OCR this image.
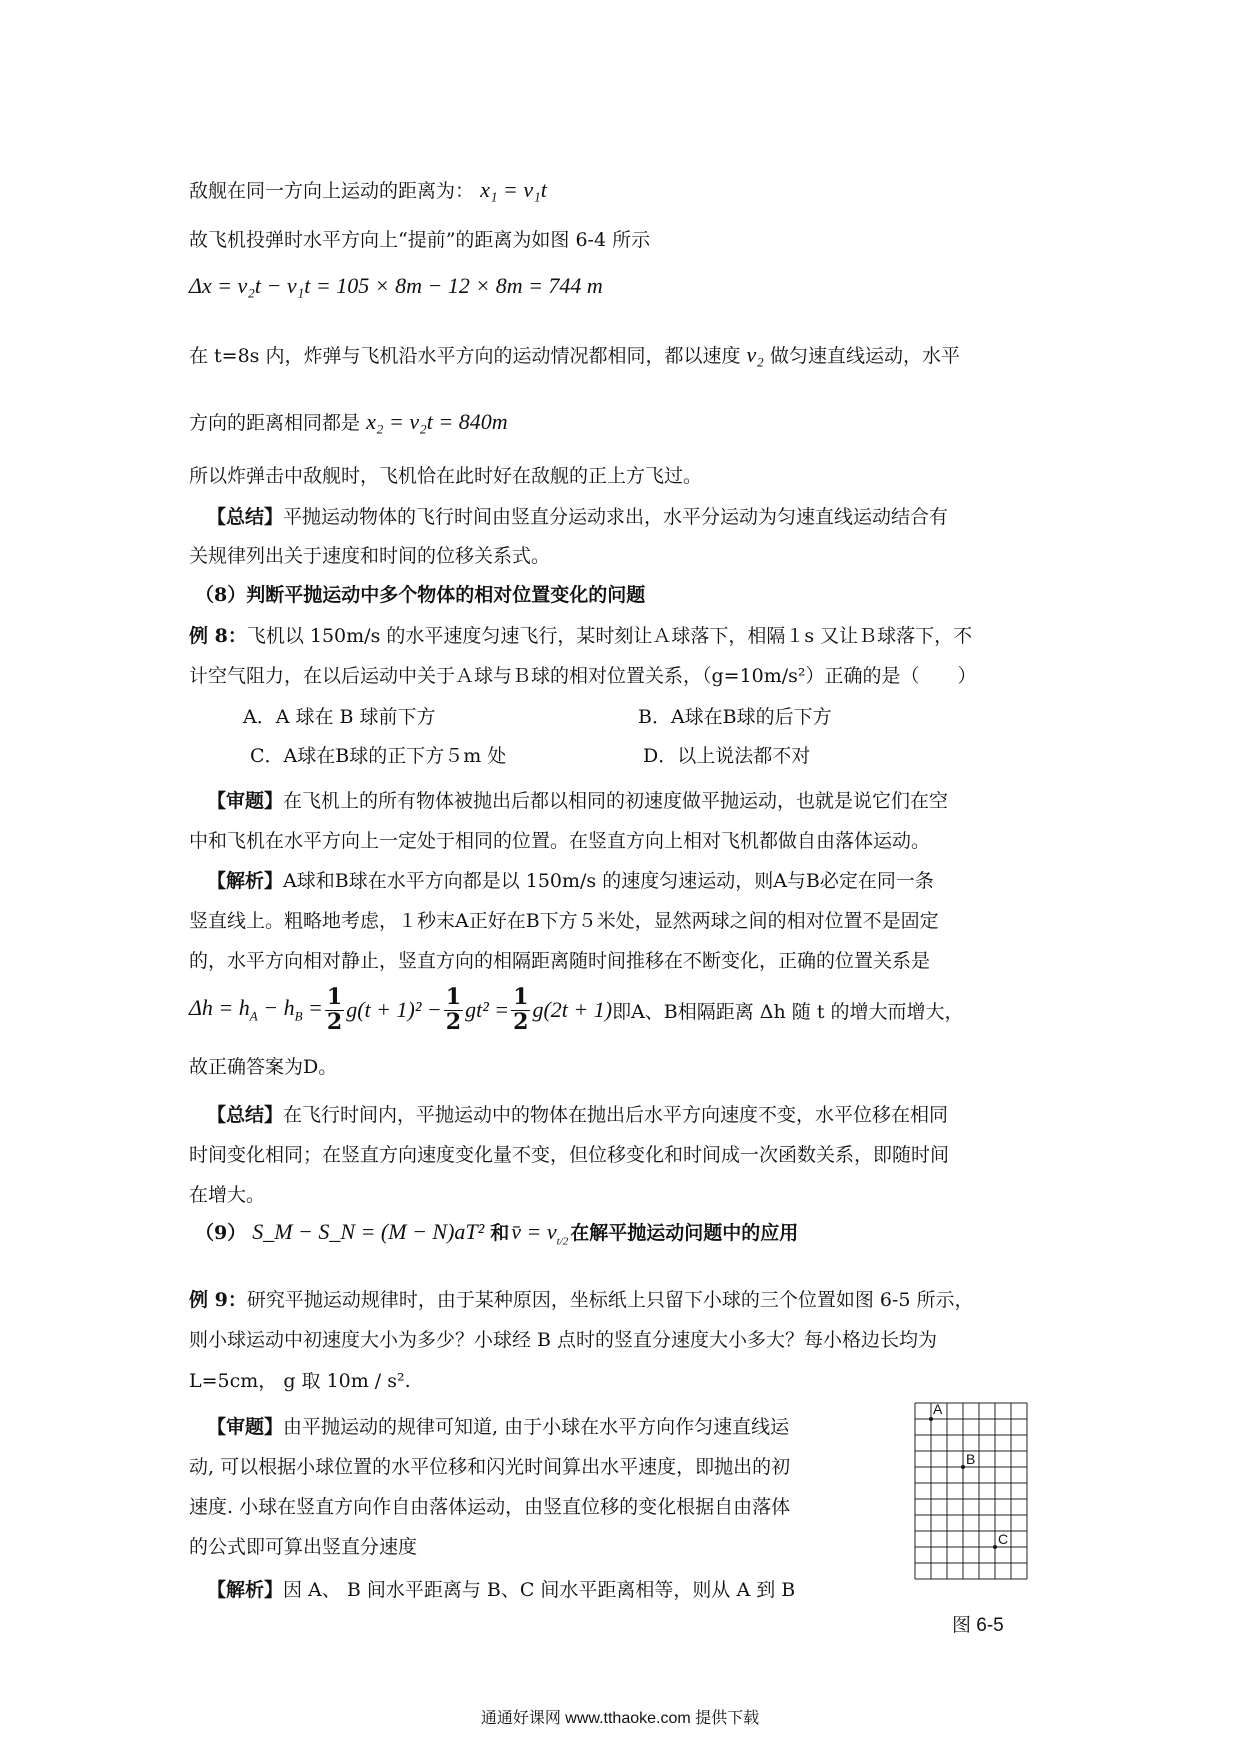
敌舰在同一方向上运动的距离为： x₁ = v₁t
故飞机投弹时水平方向上“提前”的距离为如图 6-4 所示
Δx = v₂t − v₁t = 105 × 8m − 12 × 8m = 744 m
在 t=8s 内，炸弹与飞机沿水平方向的运动情况都相同，都以速度 v₂ 做匀速直线运动，水平
方向的距离相同都是 x₂ = v₂t = 840m
所以炸弹击中敌舰时，飞机恰在此时好在敌舰的正上方飞过。
【总结】平抛运动物体的飞行时间由竖直分运动求出，水平分运动为匀速直线运动结合有
关规律列出关于速度和时间的位移关系式。
（8）判断平抛运动中多个物体的相对位置变化的问题
例 8：飞机以 150m/s 的水平速度匀速飞行，某时刻让Ａ球落下，相隔１s 又让Ｂ球落下，不
计空气阻力，在以后运动中关于Ａ球与Ｂ球的相对位置关系，（g=10m/s²）正确的是（　　）
A．A 球在 B 球前下方	B．A球在B球的后下方
C．A球在B球的正下方５m 处	D．以上说法都不对
【审题】在飞机上的所有物体被抛出后都以相同的初速度做平抛运动，也就是说它们在空
中和飞机在水平方向上一定处于相同的位置。在竖直方向上相对飞机都做自由落体运动。
【解析】A球和B球在水平方向都是以 150m/s 的速度匀速运动，则A与B必定在同一条
竖直线上。粗略地考虑，１秒末A正好在B下方５米处，显然两球之间的相对位置不是固定
的，水平方向相对静止，竖直方向的相隔距离随时间推移在不断变化，正确的位置关系是
$\Delta h = h_A - h_B = \frac{1}{2} g(t + 1)^2 - \frac{1}{2} gt^2 = \frac{1}{2} g(2t + 1)$ 即A、B相隔距离 Δh 随 t 的增大而增大，
故正确答案为D。
【总结】在飞行时间内，平抛运动中的物体在抛出后水平方向速度不变，水平位移在相同
时间变化相同；在竖直方向速度变化量不变，但位移变化和时间成一次函数关系，即随时间
在增大。
（9） S_M − S_N = (M − N)aT² 和 v̄ = $v_{t/2}$ 在解平抛运动问题中的应用
例 9：研究平抛运动规律时，由于某种原因，坐标纸上只留下小球的三个位置如图 6-5 所示，
则小球运动中初速度大小为多少？小球经 B 点时的竖直分速度大小多大？每小格边长均为
L=5cm， g 取 10m / s².
【审题】由平抛运动的规律可知道, 由于小球在水平方向作匀速直线运
动, 可以根据小球位置的水平位移和闪光时间算出水平速度，即抛出的初
速度. 小球在竖直方向作自由落体运动，由竖直位移的变化根据自由落体
的公式即可算出竖直分速度
【解析】因 A、 B 间水平距离与 B、C 间水平距离相等，则从 A 到 B
A
B
C
图 6-5
通通好课网 www.tthaoke.com 提供下载
